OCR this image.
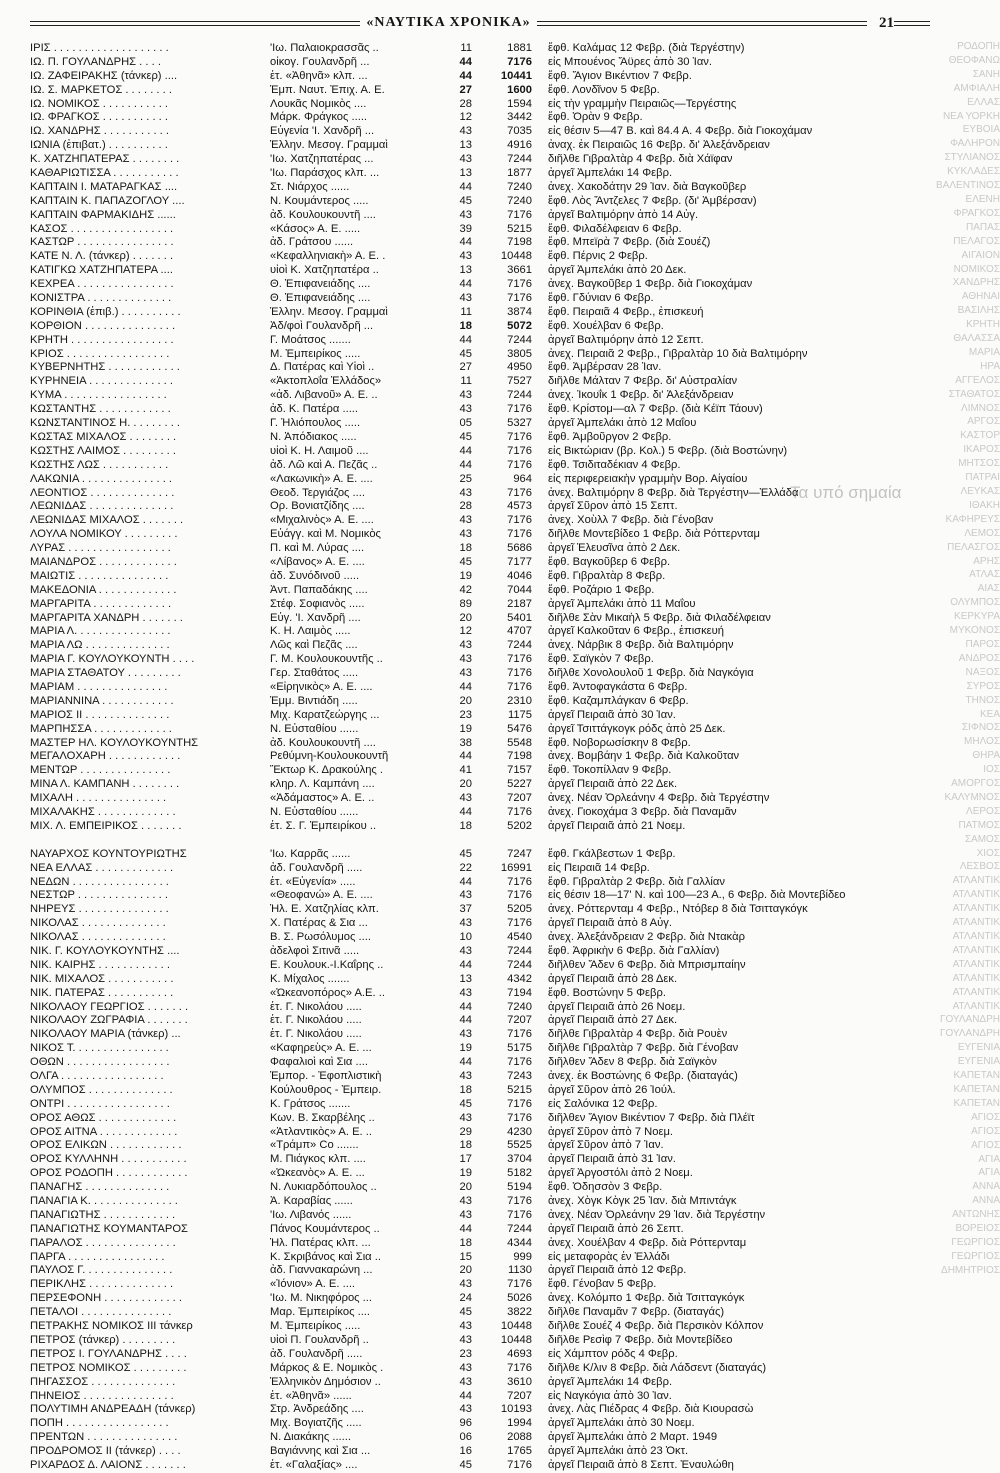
«ΝΑΥΤΙΚΑ ΧΡΟΝΙΚΑ»	21
ΡΟΔΟΠΗ
ΘΕΟΦΑΝΩ
ΣΑΝΗ
ΑΜΦΙΑΛΗ
ΕΛΛΑΣ
ΝΕΑ ΥΟΡΚΗ
ΕΥΒΟΙΑ
ΦΑΛΗΡΟΝ
ΣΤΥΛΙΑΝΟΣ
ΚΥΚΛΑΔΕΣ
ΒΑΛΕΝΤΙΝΟΣ
ΕΛΕΝΗ
ΦΡΑΓΚΟΣ
ΠΑΠΑΣ
ΠΕΛΑΓΟΣ
ΑΙΓΑΙΟΝ
ΝΟΜΙΚΟΣ
ΧΑΝΔΡΗΣ
ΑΘΗΝΑΙ
ΒΑΣΙΛΗΣ
ΚΡΗΤΗ
ΘΑΛΑΣΣΑ
ΜΑΡΙΑ
ΗΡΑ
ΑΓΓΕΛΟΣ
ΣΤΑΘΑΤΟΣ
ΛΙΜΝΟΣ
ΑΡΓΟΣ
ΚΑΣΤΟΡ
ΙΚΑΡΟΣ
ΜΗΤΣΟΣ
ΠΑΤΡΑΙ
ΛΕΥΚΑΣ
ΙΘΑΚΗ
ΚΑΦΗΡΕΥΣ
ΛΕΜΟΣ
ΠΕΛΑΣΓΟΣ
ΑΡΗΣ
ΑΤΛΑΣ
ΑΙΑΣ
ΟΛΥΜΠΟΣ
ΚΕΡΚΥΡΑ
ΜΥΚΟΝΟΣ
ΠΑΡΟΣ
ΑΝΔΡΟΣ
ΝΑΞΟΣ
ΣΥΡΟΣ
ΤΗΝΟΣ
ΚΕΑ
ΣΙΦΝΟΣ
ΜΗΛΟΣ
ΘΗΡΑ
ΙΟΣ
ΑΜΟΡΓΟΣ
ΚΑΛΥΜΝΟΣ
ΛΕΡΟΣ
ΠΑΤΜΟΣ
ΣΑΜΟΣ
ΧΙΟΣ
ΛΕΣΒΟΣ
ΑΤΛΑΝΤΙΚ
ΑΤΛΑΝΤΙΚ
ΑΤΛΑΝΤΙΚ
ΑΤΛΑΝΤΙΚ
ΑΤΛΑΝΤΙΚ
ΑΤΛΑΝΤΙΚ
ΑΤΛΑΝΤΙΚ
ΑΤΛΑΝΤΙΚ
ΑΤΛΑΝΤΙΚ
ΑΤΛΑΝΤΙΚ
ΓΟΥΛΑΝΔΡΗ
ΓΟΥΛΑΝΔΡΗ
ΕΥΓΕΝΙΑ
ΕΥΓΕΝΙΑ
ΚΑΠΕΤΑΝ
ΚΑΠΕΤΑΝ
ΚΑΠΕΤΑΝ
ΑΓΙΟΣ
ΑΓΙΟΣ
ΑΓΙΟΣ
ΑΓΙΑ
ΑΓΙΑ
ΑΝΝΑ
ΑΝΝΑ
ΑΝΤΩΝΗΣ
ΒΟΡΕΙΟΣ
ΓΕΩΡΓΙΟΣ
ΓΕΩΡΓΙΟΣ
ΔΗΜΗΤΡΙΟΣ
Τα υπό σημαία
ΙΡΙΣ . . . . . . . . . . . . . . . . . . .	'Ιω. Παλαιοκρασσᾶς ..	11	1881	ἔφθ. Καλάμας 12 Φεβρ. (διὰ Τεργέστην)
ΙΩ. Π. ΓΟΥΛΑΝΔΡΗΣ . . . .	οἰκογ. Γουλανδρῆ ...	44	7176	εἰς Μπουένος Ἄϋρες ἀπὸ 30 Ἰαν.
ΙΩ. ΖΑΦΕΙΡΑΚΗΣ (τάνκερ) ....	ἑτ. «Ἀθηνᾶ» κλπ. ...	44	10441	ἔφθ. Ἅγιον Βικέντιον 7 Φεβρ.
ΙΩ. Σ. ΜΑΡΚΕΤΟΣ . . . . . . . .	Ἐμπ. Ναυτ. Ἐπιχ. Α. Ε.	27	1600	ἔφθ. Λονδῖνον 5 Φεβρ.
ΙΩ. ΝΟΜΙΚΟΣ . . . . . . . . . . .	Λουκᾶς Νομικὸς ....	28	1594	εἰς τὴν γραμμὴν Πειραιῶς—Τεργέστης
ΙΩ. ΦΡΑΓΚΟΣ . . . . . . . . . . .	Μάρκ. Φράγκος .....	12	3442	ἔφθ. Ὀρὰν 9 Φεβρ.
ΙΩ. ΧΑΝΔΡΗΣ . . . . . . . . . . .	Εὐγενία 'Ι. Χανδρῆ ...	43	7035	εἰς θέσιν 5—47 Β. καὶ 84.4 Α. 4 Φεβρ. διὰ Γιοκοχάμαν
ΙΩΝΙΑ (ἐπιβατ.) . . . . . . . . . .	Ἑλλην. Μεσογ. Γραμμαὶ	13	4916	ἀναχ. ἐκ Πειραιῶς 16 Φεβρ. δι' Ἀλεξάνδρειαν
Κ. ΧΑΤΖΗΠΑΤΕΡΑΣ . . . . . . . .	'Ιω. Χατζηπατέρας ...	43	7244	διῆλθε Γιβραλτὰρ 4 Φεβρ. διὰ Χάϊφαν
ΚΑΘΑΡΙΩΤΙΣΣΑ . . . . . . . . . . .	'Ιω. Παράσχος κλπ. ...	13	1877	ἀργεῖ Ἀμπελάκι 14 Φεβρ.
ΚΑΠΤΑΙΝ Ι. ΜΑΤΑΡΑΓΚΑΣ ....	Στ. Νιάρχος ......	44	7240	ἀνεχ. Χακοδάτην 29 Ἰαν. διὰ Βαγκοῦβερ
ΚΑΠΤΑΙΝ Κ. ΠΑΠΑΖΟΓΛΟΥ ....	Ν. Κουμάντερος .....	45	7240	ἔφθ. Λὸς Ἄντζελες 7 Φεβρ. (δι' Ἀμβέρσαν)
ΚΑΠΤΑΙΝ ΦΑΡΜΑΚΙΔΗΣ ......	ἀδ. Κουλουκουντῆ ....	43	7176	ἀργεῖ Βαλτιμόρην ἀπὸ 14 Αὐγ.
ΚΑΣΟΣ . . . . . . . . . . . . . . . . .	«Κάσος» Α. Ε. .....	39	5215	ἔφθ. Φιλαδέλφειαν 6 Φεβρ.
ΚΑΣΤΩΡ . . . . . . . . . . . . . . . .	ἀδ. Γράτσου ......	44	7198	ἔφθ. Μπεϊρὰ 7 Φεβρ. (διὰ Σουέζ)
ΚΑΤΕ Ν. Λ. (τάνκερ) . . . . . . .	«Κεφαλληνιακὴ» Α. Ε. .	43	10448	ἔφθ. Πέρνις 2 Φεβρ.
ΚΑΤΙΓΚΩ ΧΑΤΖΗΠΑΤΕΡΑ ....	υἱοὶ Κ. Χατζηπατέρα ..	13	3661	ἀργεῖ Ἀμπελάκι ἀπὸ 20 Δεκ.
ΚΕΧΡΕΑ . . . . . . . . . . . . . . . .	Θ. Ἐπιφανειάδης ....	44	7176	ἀνεχ. Βαγκοῦβερ 1 Φεβρ. διὰ Γιοκοχάμαν
ΚΟΝΙΣΤΡΑ . . . . . . . . . . . . . .	Θ. Ἐπιφανειάδης ....	43	7176	ἔφθ. Γδύνιαν 6 Φεβρ.
ΚΟΡΙΝΘΙΑ (ἐπιβ.) . . . . . . . . . .	Ἑλλην. Μεσογ. Γραμμαὶ	11	3874	ἔφθ. Πειραιᾶ 4 Φεβρ., ἐπισκευή
ΚΟΡΘΙΟΝ . . . . . . . . . . . . . . .	Ἀδ/φοὶ Γουλανδρῆ ...	18	5072	ἔφθ. Χουέλβαν 6 Φεβρ.
ΚΡΗΤΗ . . . . . . . . . . . . . . . . .	Γ. Μοάτσος .......	44	7244	ἀργεῖ Βαλτιμόρην ἀπὸ 12 Σεπτ.
ΚΡΙΟΣ . . . . . . . . . . . . . . . . .	Μ. Ἐμπειρίκος .....	45	3805	ἀνεχ. Πειραιᾶ 2 Φεβρ., Γιβραλτὰρ 10 διὰ Βαλτιμόρην
ΚΥΒΕΡΝΗΤΗΣ . . . . . . . . . . . .	Δ. Πατέρας καὶ Υἱοὶ ..	27	4950	ἔφθ. Ἀμβέρσαν 28 Ἰαν.
ΚΥΡΗΝΕΙΑ . . . . . . . . . . . . . .	«Ἀκτοπλοΐα Ἑλλάδος»	11	7527	διῆλθε Μάλταν 7 Φεβρ. δι' Αὐστραλίαν
ΚΥΜΑ . . . . . . . . . . . . . . . . .	«ἀδ. Λιβανοῦ» Α. Ε. ..	43	7244	ἀνεχ. Ἰκουΐκ 1 Φεβρ. δι' Ἀλεξάνδρειαν
ΚΩΣΤΑΝΤΗΣ . . . . . . . . . . . .	ἀδ. Κ. Πατέρα .....	43	7176	ἔφθ. Κρίστομ—αλ 7 Φεβρ. (διὰ Κέϊπ Τάουν)
ΚΩΝΣΤΑΝΤΙΝΟΣ Η. . . . . . . . .	Γ. Ἠλιόπουλος .....	05	5327	ἀργεῖ Ἀμπελάκι ἀπὸ 12 Μαΐου
ΚΩΣΤΑΣ ΜΙΧΑΛΟΣ . . . . . . . .	Ν. Ἀπόδιακος .....	45	7176	ἔφθ. Ἀμβοῦργον 2 Φεβρ.
ΚΩΣΤΗΣ ΛΑΙΜΟΣ . . . . . . . . .	υἱοὶ Κ. Η. Λαιμοῦ ....	44	7176	εἰς Βικτώριαν (βρ. Κολ.) 5 Φεβρ. (διὰ Βοστώνην)
ΚΩΣΤΗΣ ΛΩΣ . . . . . . . . . . .	ἀδ. Λῶ καὶ Α. Πεζᾶς ..	44	7176	ἔφθ. Τσιδιταδέκιαν 4 Φεβρ.
ΛΑΚΩΝΙΑ . . . . . . . . . . . . . . .	«Λακωνικὴ» Α. Ε. ....	25	964	εἰς περιφερειακὴν γραμμὴν Βορ. Αἰγαίου
ΛΕΟΝΤΙΟΣ . . . . . . . . . . . . . .	Θεοδ. Τεργιάζος ....	43	7176	ἀνεχ. Βαλτιμόρην 8 Φεβρ. διὰ Τεργέστην—Ἑλλάδα
ΛΕΩΝΙΔΑΣ . . . . . . . . . . . . . .	Ορ. Βονιατζίδης ....	28	4573	ἀργεῖ Σῦρον ἀπὸ 15 Σεπτ.
ΛΕΩΝΙΔΑΣ ΜΙΧΑΛΟΣ . . . . . . .	«Μιχαλινὸς» Α. Ε. ....	43	7176	ἀνεχ. Χοὺλλ 7 Φεβρ. διὰ Γένοβαν
ΛΟΥΛΑ ΝΟΜΙΚΟΥ . . . . . . . . .	Εὐάγγ. καὶ Μ. Νομικὸς	43	7176	διῆλθε Μοντεβίδεο 1 Φεβρ. διὰ Ρόττερνταμ
ΛΥΡΑΣ . . . . . . . . . . . . . . . . .	Π. καὶ Μ. Λύρας ....	18	5686	ἀργεῖ Ἐλευσῖνα ἀπὸ 2 Δεκ.
ΜΑΙΑΝΔΡΟΣ . . . . . . . . . . . . .	«Λίβανος» Α. Ε. ....	45	7177	ἔφθ. Βαγκοῦβερ 6 Φεβρ.
ΜΑΙΩΤΙΣ . . . . . . . . . . . . . . .	ἀδ. Συνόδινοῦ .....	19	4046	ἔφθ. Γιβραλτὰρ 8 Φεβρ.
ΜΑΚΕΔΟΝΙΑ . . . . . . . . . . . . .	Ἀντ. Παπαδάκης ....	42	7044	ἔφθ. Ροζάριο 1 Φεβρ.
ΜΑΡΓΑΡΙΤΑ . . . . . . . . . . . . .	Στέφ. Σοφιανὸς .....	89	2187	ἀργεῖ Ἀμπελάκι ἀπὸ 11 Μαΐου
ΜΑΡΓΑΡΙΤΑ ΧΑΝΔΡΗ . . . . . . .	Εὐγ. 'Ι. Χανδρῆ ....	20	5401	διῆλθε Σὰν Μικαὴλ 5 Φεβρ. διὰ Φιλαδέλφειαν
ΜΑΡΙΑ Λ. . . . . . . . . . . . . . . .	Κ. Η. Λαιμὸς .....	12	4707	ἀργεῖ Καλκοῦταν 6 Φεβρ., ἐπισκευή
ΜΑΡΙΑ ΛΩ . . . . . . . . . . . . . .	Λῶς καὶ Πεζᾶς ....	43	7244	ἀνεχ. Νάρβικ 8 Φεβρ. διὰ Βαλτιμόρην
ΜΑΡΙΑ Γ. ΚΟΥΛΟΥΚΟΥΝΤΗ . . . .	Γ. Μ. Κουλουκουντῆς ..	43	7176	ἔφθ. Σαϊγκὸν 7 Φεβρ.
ΜΑΡΙΑ ΣΤΑΘΑΤΟΥ . . . . . . . . .	Γερ. Σταθάτος .....	43	7176	διῆλθε Χονολουλοῦ 1 Φεβρ. διὰ Ναγκόγια
ΜΑΡΙΑΜ . . . . . . . . . . . . . . .	«Εἰρηνικὸς» Α. Ε. ....	44	7176	ἔφθ. Ἀντοφαγκάστα 6 Φεβρ.
ΜΑΡΙΑΝΝΙΝΑ . . . . . . . . . . . .	Ἐμμ. Βιντιάδη .....	20	2310	ἔφθ. Καζαμπλάγκαν 6 Φεβρ.
ΜΑΡΙΟΣ ΙΙ . . . . . . . . . . . . . .	Μιχ. Καρατζεώργης ...	23	1175	ἀργεῖ Πειραιᾶ ἀπὸ 30 Ἰαν.
ΜΑΡΠΗΣΣΑ . . . . . . . . . . . . .	Ν. Εὐσταθίου ......	19	5476	ἀργεῖ Τσιττάγκογκ ρόδς ἀπὸ 25 Δεκ.
ΜΑΣΤΕΡ ΗΛ. ΚΟΥΛΟΥΚΟΥΝΤΗΣ	ἀδ. Κουλουκουντῆ ....	38	5548	ἔφθ. Νοβορωσίσκην 8 Φεβρ.
ΜΕΓΑΛΟΧΑΡΗ . . . . . . . . . . . .	Ρεθύμνη-Κουλουκουντῆ	44	7198	ἀνεχ. Βομβάην 1 Φεβρ. διὰ Καλκοῦταν
ΜΕΝΤΩΡ . . . . . . . . . . . . . . .	Ἕκτωρ Κ. Δρακούλης .	41	7157	ἔφθ. Τοκοπίλλαν 9 Φεβρ.
ΜΙΝΑ Λ. ΚΑΜΠΑΝΗ . . . . . . . .	κληρ. Λ. Καμπάνη ....	20	5227	ἀργεῖ Πειραιᾶ ἀπὸ 22 Δεκ.
ΜΙΧΑΛΗ . . . . . . . . . . . . . . .	«Ἀδάμαστος» Α. Ε. ..	43	7207	ἀνεχ. Νέαν Ὀρλεάνην 4 Φεβρ. διὰ Τεργέστην
ΜΙΧΑΛΑΚΗΣ . . . . . . . . . . . . .	Ν. Εὐσταθίου ......	44	7176	ἀνεχ. Γιοκοχάμα 3 Φεβρ. διὰ Παναμᾶν
ΜΙΧ. Λ. ΕΜΠΕΙΡΙΚΟΣ . . . . . . .	ἑτ. Σ. Γ. Ἐμπειρίκου ..	18	5202	ἀργεῖ Πειραιᾶ ἀπὸ 21 Νοεμ.
ΝΑΥΑΡΧΟΣ ΚΟΥΝΤΟΥΡΙΩΤΗΣ	'Ιω. Καρρᾶς ......	45	7247	ἔφθ. Γκάλβεστων 1 Φεβρ.
ΝΕΑ ΕΛΛΑΣ . . . . . . . . . . . . .	ἀδ. Γουλανδρῆ .....	22	16991	εἰς Πειραιᾶ 14 Φεβρ.
ΝΕΔΩΝ . . . . . . . . . . . . . . . .	ἑτ. «Εὐγενία» .....	44	7176	ἔφθ. Γιβραλτὰρ 2 Φεβρ. διὰ Γαλλίαν
ΝΕΣΤΩΡ . . . . . . . . . . . . . . .	«Θεοφανώ» Α. Ε. ....	43	7176	εἰς θέσιν 18—17' Ν. καὶ 100—23 Α., 6 Φεβρ. διὰ Μοντεβίδεο
ΝΗΡΕΥΣ . . . . . . . . . . . . . . .	Ἡλ. Ε. Χατζηλίας κλπ.	37	5205	ἀνεχ. Ρόττερνταμ 4 Φεβρ., Ντόβερ 8 διὰ Τσιτταγκόγκ
ΝΙΚΟΛΑΣ . . . . . . . . . . . . . .	Χ. Πατέρας & Σια ...	43	7176	ἀργεῖ Πειραιᾶ ἀπὸ 8 Αὐγ.
ΝΙΚΟΛΑΣ . . . . . . . . . . . . . .	Β. Σ. Ρωσόλυμος ....	10	4540	ἀνεχ. Ἀλεξάνδρειαν 2 Φεβρ. διὰ Ντακὰρ
ΝΙΚ. Γ. ΚΟΥΛΟΥΚΟΥΝΤΗΣ ....	ἀδελφοὶ Σιτινᾶ .....	43	7244	ἔφθ. Ἀφρικὴν 6 Φεβρ. διὰ Γαλλίαν)
ΝΙΚ. ΚΑΙΡΗΣ . . . . . . . . . . . .	Ε. Κουλουκ.-Ι.Καΐρης ..	44	7244	διῆλθεν Ἄδεν 6 Φεβρ. διὰ Μπρισμπαίην
ΝΙΚ. ΜΙΧΑΛΟΣ . . . . . . . . . . .	Κ. Μίχαλος .......	13	4342	ἀργεῖ Πειραιᾶ ἀπὸ 28 Δεκ.
ΝΙΚ. ΠΑΤΕΡΑΣ . . . . . . . . . . .	«Ὠκεανοπόρος» Α.Ε. ..	43	7194	ἔφθ. Βοστώνην 5 Φεβρ.
ΝΙΚΟΛΑΟΥ ΓΕΩΡΓΙΟΣ . . . . . . .	ἑτ. Γ. Νικολάου .....	44	7240	ἀργεῖ Πειραιᾶ ἀπὸ 26 Νοεμ.
ΝΙΚΟΛΑΟΥ ΖΩΓΡΑΦΙΑ . . . . . . .	ἑτ. Γ. Νικολάου .....	44	7207	ἀργεῖ Πειραιᾶ ἀπὸ 27 Δεκ.
ΝΙΚΟΛΑΟΥ ΜΑΡΙΑ (τάνκερ) ...	ἑτ. Γ. Νικολάου .....	43	7176	διῆλθε Γιβραλτὰρ 4 Φεβρ. διὰ Ρουὲν
ΝΙΚΟΣ Τ. . . . . . . . . . . . . . . .	«Καφηρεὺς» Α. Ε. ...	19	5175	διῆλθε Γιβραλτὰρ 7 Φεβρ. διὰ Γένοβαν
ΟΘΩΝ . . . . . . . . . . . . . . . . .	Φαφαλιοὶ καὶ Σια ....	44	7176	διῆλθεν Ἄδεν 8 Φεβρ. διὰ Σαϊγκὸν
ΟΛΓΑ . . . . . . . . . . . . . . . . .	Ἐμπορ. - Ἐφοπλιστικὴ	43	7243	ἀνεχ. ἐκ Βοστώνης 6 Φεβρ. (διαταγάς)
ΟΛΥΜΠΟΣ . . . . . . . . . . . . . .	Κούλουθρος - Ἐμπειρ.	18	5215	ἀργεῖ Σῦρον ἀπὸ 26 Ἰούλ.
ΟΝΤΡΙ . . . . . . . . . . . . . . . . .	Κ. Γράτσος .......	45	7176	εἰς Σαλόνικα 12 Φεβρ.
ΟΡΟΣ ΑΘΩΣ . . . . . . . . . . . . .	Κων. Β. Σκαρβέλης ..	43	7176	διῆλθεν Ἅγιον Βικέντιον 7 Φεβρ. διὰ Πλέϊτ
ΟΡΟΣ ΑΙΤΝΑ . . . . . . . . . . . . .	«Ἀτλαντικὸς» Α. Ε. ..	29	4230	ἀργεῖ Σῦρον ἀπὸ 7 Νοεμ.
ΟΡΟΣ ΕΛΙΚΩΝ . . . . . . . . . . . .	«Τράμπ» Co .......	18	5525	ἀργεῖ Σῦρον ἀπὸ 7 Ἰαν.
ΟΡΟΣ ΚΥΛΛΗΝΗ . . . . . . . . . . .	Μ. Πιάγκος κλπ. ....	17	3704	ἀργεῖ Πειραιᾶ ἀπὸ 31 Ἰαν.
ΟΡΟΣ ΡΟΔΟΠΗ . . . . . . . . . . . .	«Ὠκεανὸς» Α. Ε. ...	19	5182	ἀργεῖ Ἀργοστόλι ἀπὸ 2 Νοεμ.
ΠΑΝΑΓΗΣ . . . . . . . . . . . . . .	Ν. Λυκιαρδόπουλος ..	20	5194	ἔφθ. Ὀδησσὸν 3 Φεβρ.
ΠΑΝΑΓΙΑ Κ. . . . . . . . . . . . . . .	Ἀ. Καραβίας ......	43	7176	ἀνεχ. Χὸγκ Κὸγκ 25 Ἰαν. διὰ Μπιντάγκ
ΠΑΝΑΓΙΩΤΗΣ . . . . . . . . . . . .	'Ιω. Λιβανός ......	43	7176	ἀνεχ. Νέαν Ὀρλεάνην 29 Ἰαν. διὰ Τεργέστην
ΠΑΝΑΓΙΩΤΗΣ ΚΟΥΜΑΝΤΑΡΟΣ	Πάνος Κουμάντερος ..	44	7244	ἀργεῖ Πειραιᾶ ἀπὸ 26 Σεπτ.
ΠΑΡΑΛΟΣ . . . . . . . . . . . . . . .	Ἡλ. Πατέρας κλπ. ...	18	4344	ἀνεχ. Χουέλβαν 4 Φεβρ. διὰ Ρόττερνταμ
ΠΑΡΓΑ . . . . . . . . . . . . . . . .	Κ. Σκριβάνος καὶ Σια ..	15	999	εἰς μεταφορὰς ἐν Ἑλλάδι
ΠΑΥΛΟΣ Γ. . . . . . . . . . . . . . .	ἀδ. Γιαννακαρώνη ...	20	1130	ἀργεῖ Πειραιᾶ ἀπὸ 12 Φεβρ.
ΠΕΡΙΚΛΗΣ . . . . . . . . . . . . . .	«Ἰόνιον» Α. Ε. ....	43	7176	ἔφθ. Γένοβαν 5 Φεβρ.
ΠΕΡΣΕΦΟΝΗ . . . . . . . . . . . . .	'Ιω. Μ. Νικηφόρος ...	24	5026	ἀνεχ. Κολόμπο 1 Φεβρ. διὰ Τσιτταγκόγκ
ΠΕΤΑΛΟΙ . . . . . . . . . . . . . . .	Μαρ. Ἐμπειρίκος ....	45	3822	διῆλθε Παναμᾶν 7 Φεβρ. (διαταγάς)
ΠΕΤΡΑΚΗΣ ΝΟΜΙΚΟΣ ΙΙΙ τάνκερ	Μ. Ἐμπειρίκος .....	43	10448	διῆλθε Σουέζ 4 Φεβρ. διὰ Περσικὸν Κόλπον
ΠΕΤΡΟΣ (τάνκερ) . . . . . . . . .	υἱοὶ Π. Γουλανδρῆ ..	43	10448	διῆλθε Ρεσὶφ 7 Φεβρ. διὰ Μοντεβίδεο
ΠΕΤΡΟΣ Ι. ΓΟΥΛΑΝΔΡΗΣ . . . .	ἀδ. Γουλανδρῆ .....	23	4693	εἰς Χάμπτον ρόδς 4 Φεβρ.
ΠΕΤΡΟΣ ΝΟΜΙΚΟΣ . . . . . . . . .	Μάρκος & Ε. Νομικὸς .	43	7176	διῆλθε Κ/λιν 8 Φεβρ. διὰ Λάδσεντ (διαταγάς)
ΠΗΓΑΣΣΟΣ . . . . . . . . . . . . . .	Ἑλληνικὸν Δημόσιον ..	43	3610	ἀργεῖ Ἀμπελάκι 14 Φεβρ.
ΠΗΝΕΙΟΣ . . . . . . . . . . . . . . .	ἑτ. «Ἀθηνᾶ» ......	44	7207	εἰς Ναγκόγια ἀπὸ 30 Ἰαν.
ΠΟΛΥΤΙΜΗ ΑΝΔΡΕΑΔΗ (τάνκερ)	Στρ. Ἀνδρεάδης ....	43	10193	ἀνεχ. Λὰς Πιέδρας 4 Φεβρ. διὰ Κιουρασὼ
ΠΟΠΗ . . . . . . . . . . . . . . . . .	Μιχ. Βογιατζῆς .....	96	1994	ἀργεῖ Ἀμπελάκι ἀπὸ 30 Νοεμ.
ΠΡΕΝΤΩΝ . . . . . . . . . . . . . . .	Ν. Διακάκης ......	06	2088	ἀργεῖ Ἀμπελάκι ἀπὸ 2 Μαρτ. 1949
ΠΡΟΔΡΟΜΟΣ ΙΙ (τάνκερ) . . . .	Βαγιάννης καὶ Σια ...	16	1765	ἀργεῖ Ἀμπελάκι ἀπὸ 23 Ὀκτ.
ΡΙΧΑΡΔΟΣ Δ. ΛΑΙΟΝΣ . . . . . . .	ἑτ. «Γαλαξίας» ....	45	7176	ἀργεῖ Πειραιᾶ ἀπὸ 8 Σεπτ. Ἐναυλώθη
